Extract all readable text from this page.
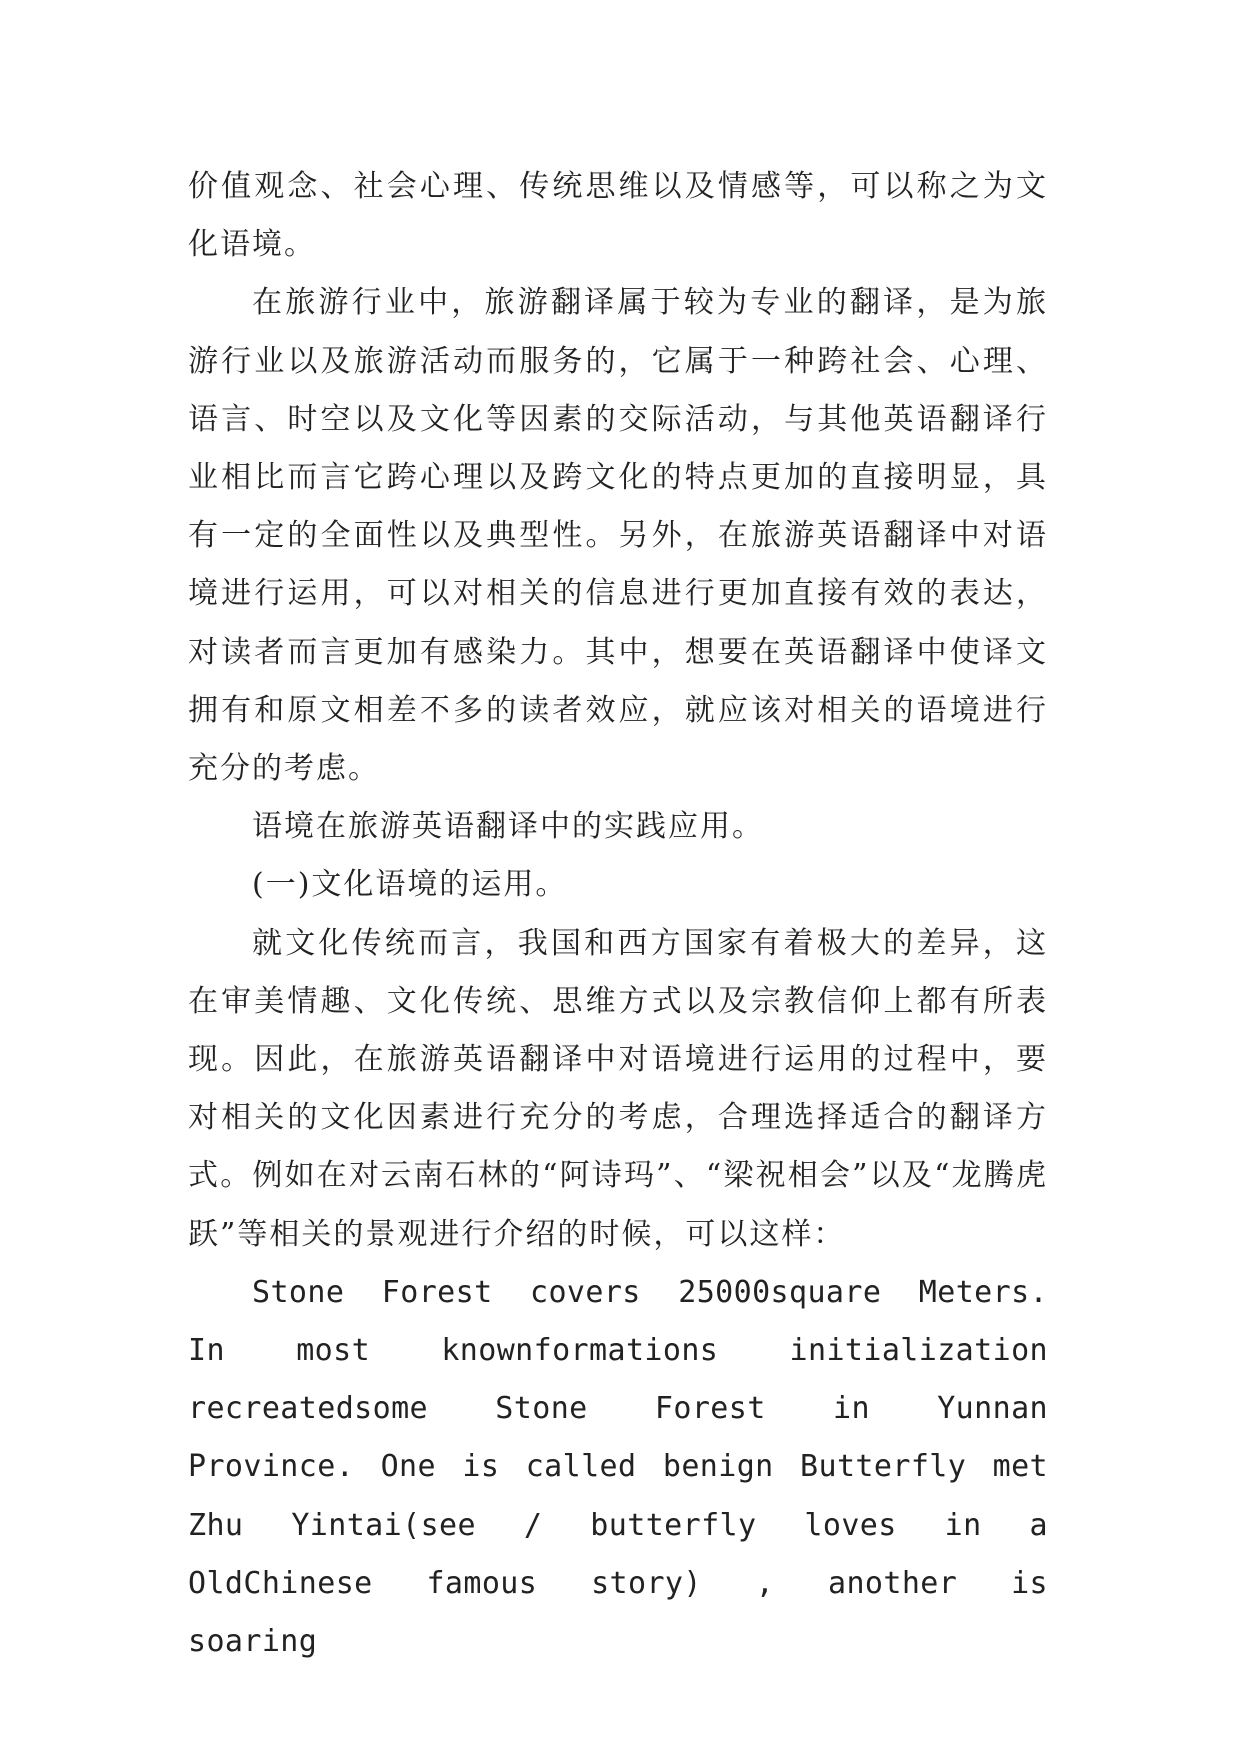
价值观念、社会心理、传统思维以及情感等，可以称之为文化语境。

在旅游行业中，旅游翻译属于较为专业的翻译，是为旅游行业以及旅游活动而服务的，它属于一种跨社会、心理、语言、时空以及文化等因素的交际活动，与其他英语翻译行业相比而言它跨心理以及跨文化的特点更加的直接明显，具有一定的全面性以及典型性。另外，在旅游英语翻译中对语境进行运用，可以对相关的信息进行更加直接有效的表达，对读者而言更加有感染力。其中，想要在英语翻译中使译文拥有和原文相差不多的读者效应，就应该对相关的语境进行充分的考虑。

语境在旅游英语翻译中的实践应用。

(一)文化语境的运用。

就文化传统而言，我国和西方国家有着极大的差异，这在审美情趣、文化传统、思维方式以及宗教信仰上都有所表现。因此，在旅游英语翻译中对语境进行运用的过程中，要对相关的文化因素进行充分的考虑，合理选择适合的翻译方式。例如在对云南石林的“阿诗玛”、“梁祝相会”以及“龙腾虎跃”等相关的景观进行介绍的时候，可以这样：

Stone Forest covers 25000square Meters. In most knownformations initialization recreatedsome Stone Forest in Yunnan Province. One is called benign Butterfly met Zhu Yintai(see / butterfly loves in a OldChinese famous story) , another is soaring
